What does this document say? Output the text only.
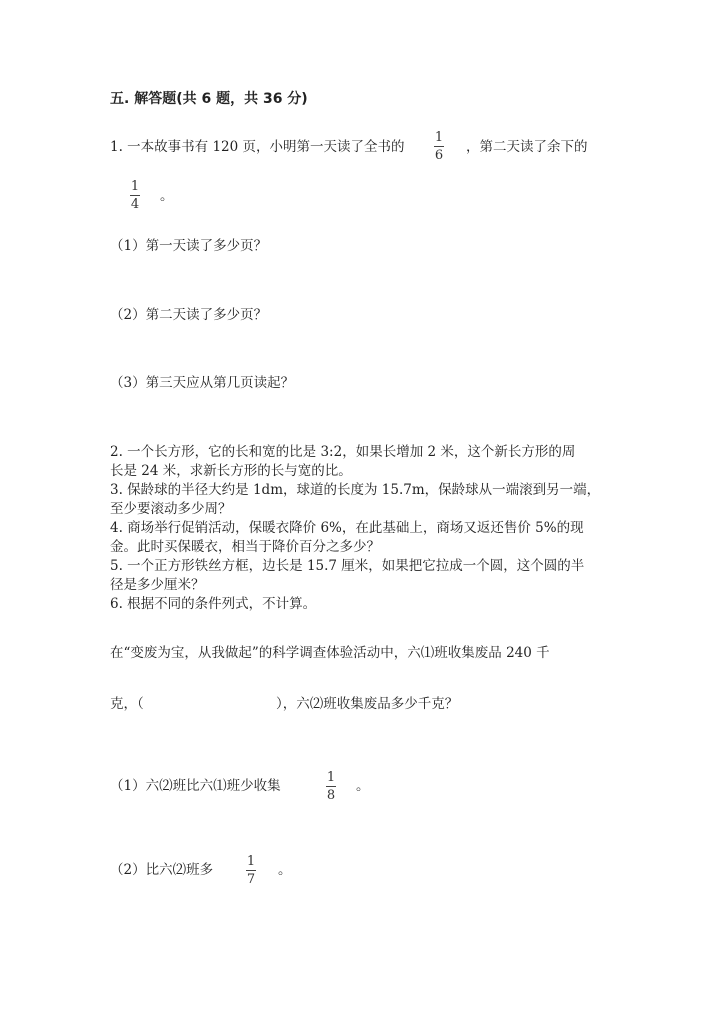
五. 解答题(共 6 题，共 36 分)
1. 一本故事书有 120 页，小明第一天读了全书的
1
6
，第二天读了余下的
1
4
。
（1）第一天读了多少页？
（2）第二天读了多少页？
（3）第三天应从第几页读起？
2. 一个长方形，它的长和宽的比是 3:2，如果长增加 2 米，这个新长方形的周
长是 24 米，求新长方形的长与宽的比。
3. 保龄球的半径大约是 1dm，球道的长度为 15.7m，保龄球从一端滚到另一端，
至少要滚动多少周？
4. 商场举行促销活动，保暖衣降价 6%，在此基础上，商场又返还售价 5%的现
金。此时买保暖衣，相当于降价百分之多少？
5. 一个正方形铁丝方框，边长是 15.7 厘米，如果把它拉成一个圆，这个圆的半
径是多少厘米？
6. 根据不同的条件列式，不计算。
在“变废为宝，从我做起”的科学调查体验活动中，六⑴班收集废品 240 千
克，（	），六⑵班收集废品多少千克？
（1）六⑵班比六⑴班少收集
1
8
。
（2）比六⑵班多
1
7
。
